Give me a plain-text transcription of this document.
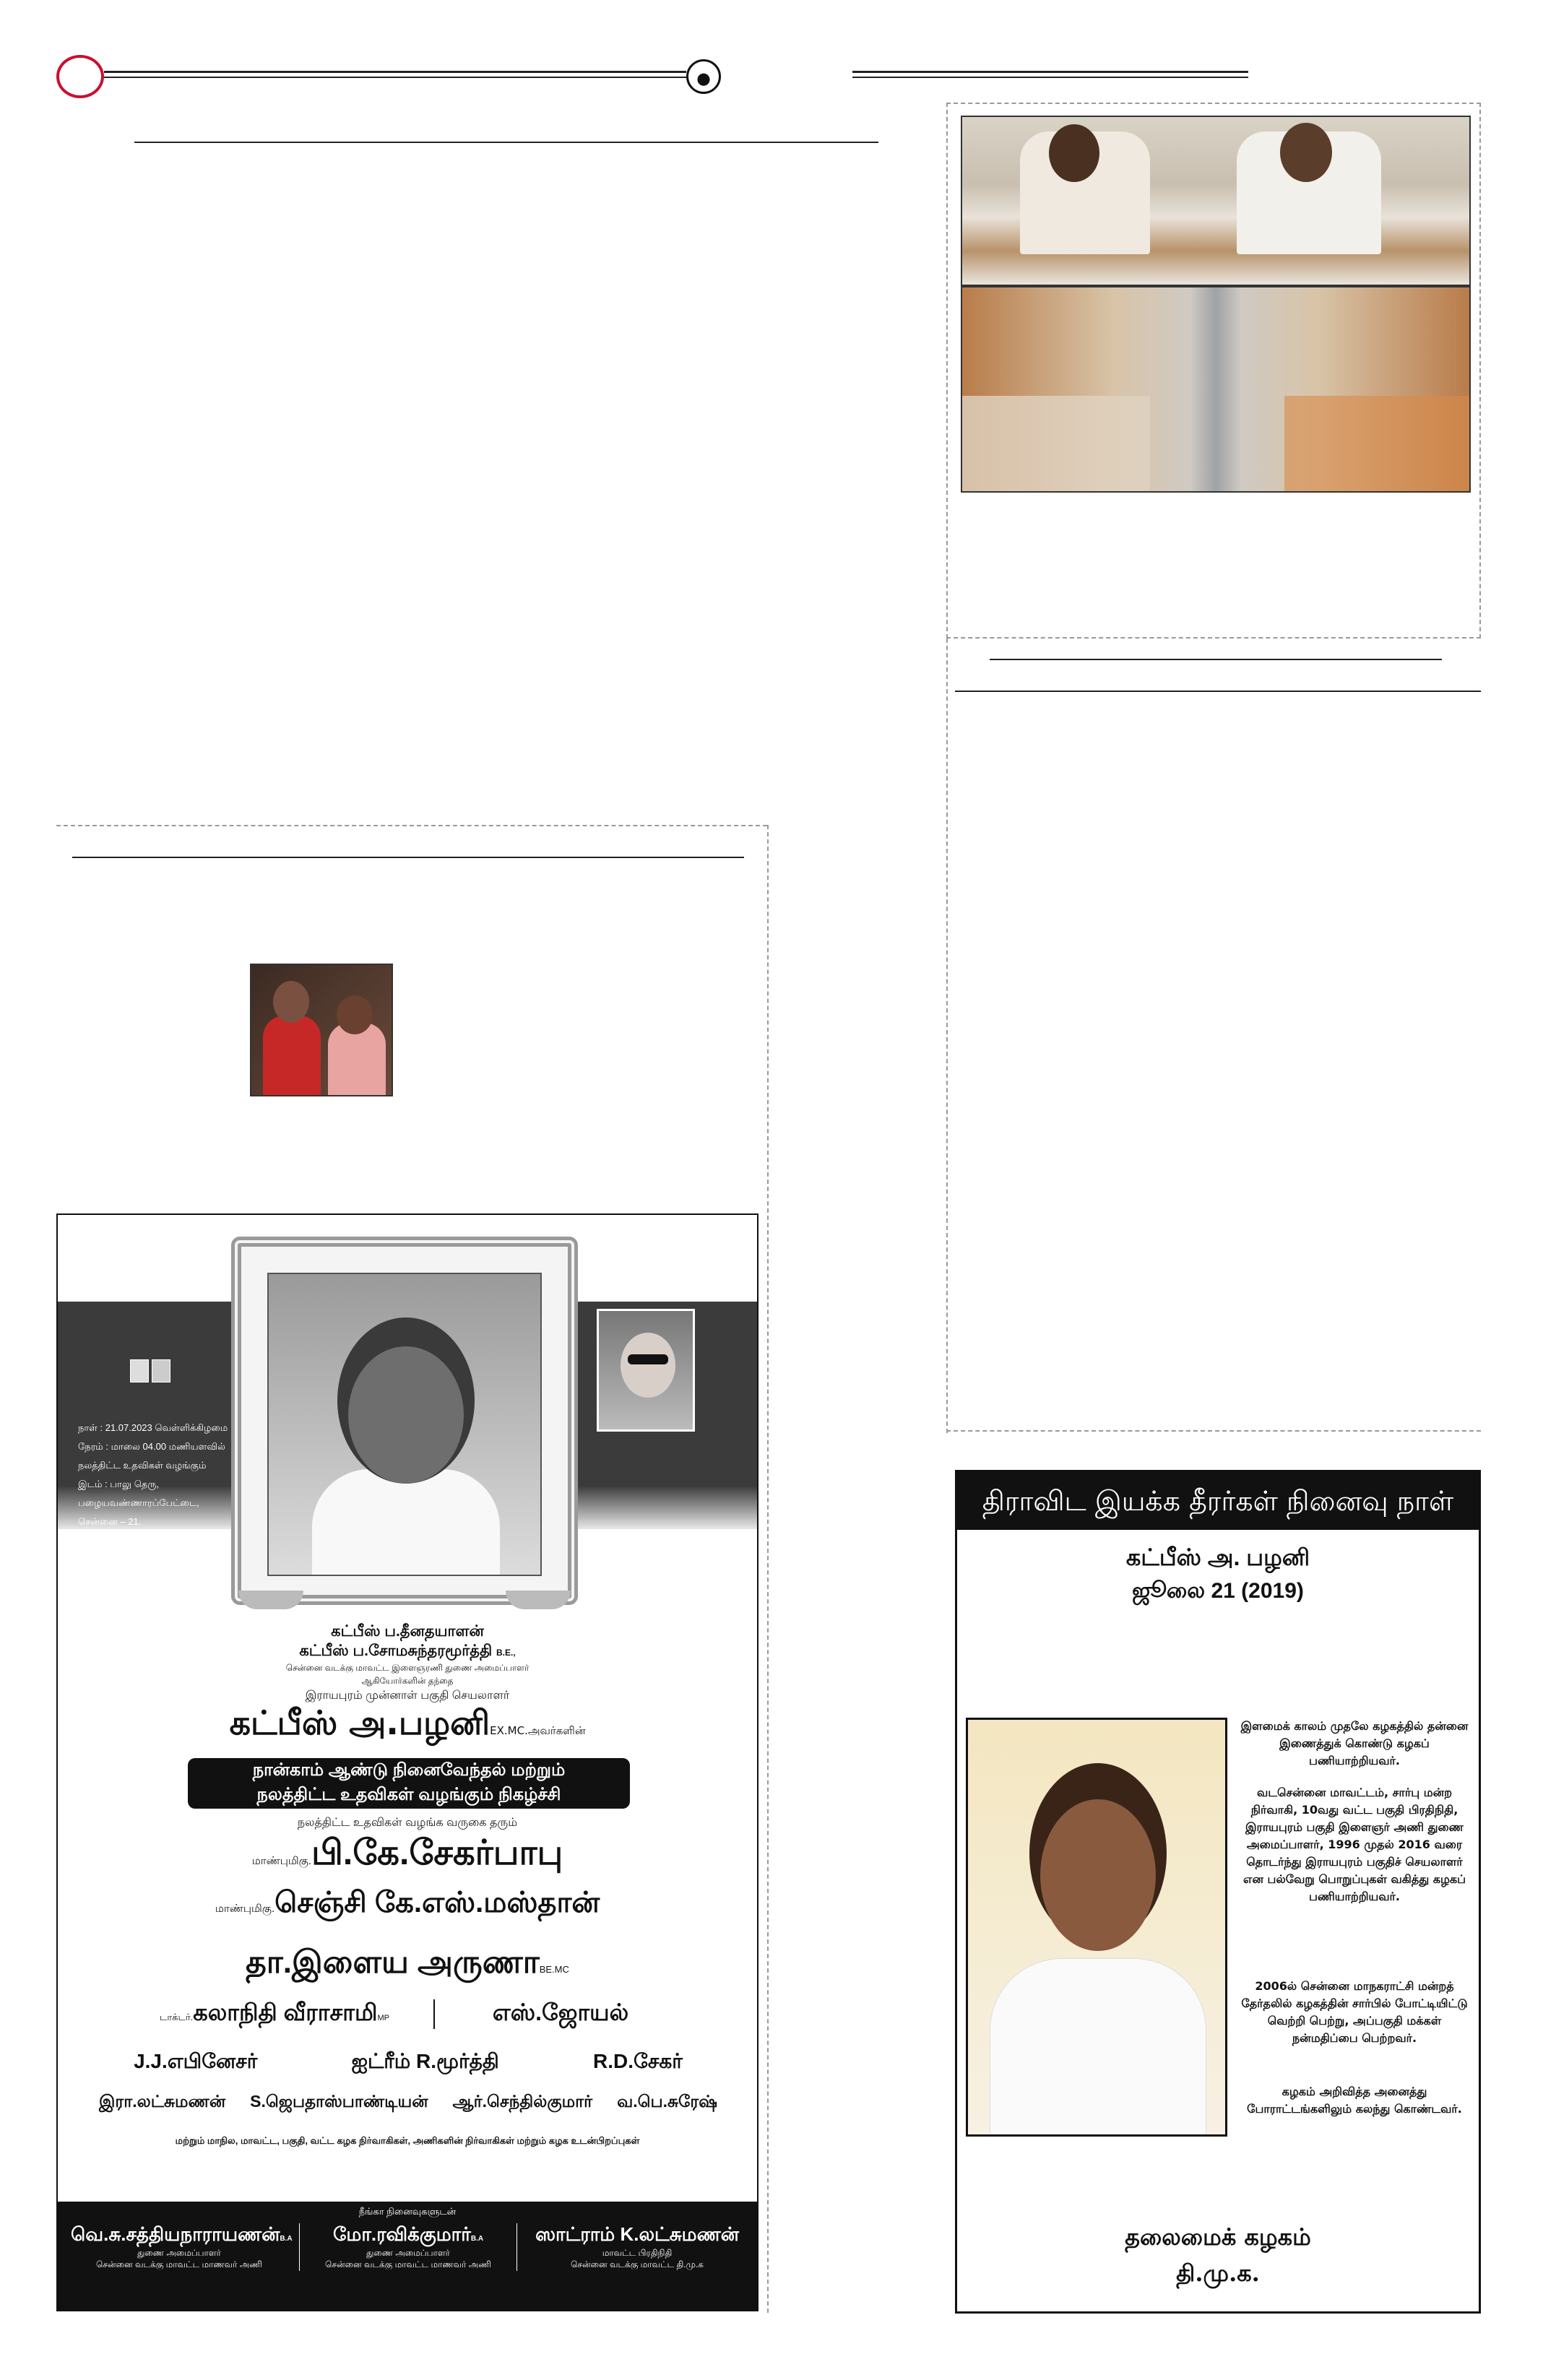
நாள் : 21.07.2023 வெள்ளிக்கிழமை
நேரம் : மாலை 04.00 மணியளவில்
நலத்திட்ட உதவிகள் வழங்கும்
இடம் : பாலு தெரு,
பழையவண்ணாரப்பேட்டை,
சென்னை – 21.
கட்பீஸ் ப.தீனதயாளன்
கட்பீஸ் ப.சோமசுந்தரமூர்த்தி B.E.,
சென்னை வடக்கு மாவட்ட இளைஞரணி துணை அமைப்பாளர்
ஆகியோர்களின் தந்தை
இராயபுரம் முன்னாள் பகுதி செயலாளர்
கட்பீஸ் அ.பழனிEX.MC.அவர்களின்
நான்காம் ஆண்டு நினைவேந்தல் மற்றும்
நலத்திட்ட உதவிகள் வழங்கும் நிகழ்ச்சி
நலத்திட்ட உதவிகள் வழங்க வருகை தரும்
மாண்புமிகு.பி.கே.சேகர்பாபு
மாண்புமிகு.செஞ்சி கே.எஸ்.மஸ்தான்
தா.இளைய அருணாBE.MC
டாக்டர்.கலாநிதி வீராசாமிMP	எஸ்.ஜோயல்
J.J.எபினேசர்	ஐட்ரீம் R.மூர்த்தி	R.D.சேகர்
இரா.லட்சுமணன் S.ஜெபதாஸ்பாண்டியன் ஆர்.செந்தில்குமார் வ.பெ.சுரேஷ்
மற்றும் மாநில, மாவட்ட, பகுதி, வட்ட கழக நிர்வாகிகள், அணிகளின் நிர்வாகிகள் மற்றும் கழக உடன்பிறப்புகள்
நீங்கா நினைவுகளுடன்
வெ.சு.சத்தியநாராயணன்B.A
துணை அமைப்பாளர்
சென்னை வடக்கு மாவட்ட மாணவர் அணி
மோ.ரவிக்குமார்B.A
துணை அமைப்பாளர்
சென்னை வடக்கு மாவட்ட மாணவர் அணி
ஸாட்ராம் K.லட்சுமணன்
மாவட்ட பிரதிநிதி
சென்னை வடக்கு மாவட்ட தி.மு.க
திராவிட இயக்க தீரர்கள் நினைவு நாள்
கட்பீஸ் அ. பழனி
ஜூலை 21 (2019)
இளமைக் காலம் முதலே கழகத்தில் தன்னை இணைத்துக் கொண்டு கழகப் பணியாற்றியவர்.
வடசென்னை மாவட்டம், சார்பு மன்ற நிர்வாகி, 10வது வட்ட பகுதி பிரதிநிதி, இராயபுரம் பகுதி இளைஞர் அணி துணை அமைப்பாளர், 1996 முதல் 2016 வரை தொடர்ந்து இராயபுரம் பகுதிச் செயலாளர் என பல்வேறு பொறுப்புகள் வகித்து கழகப் பணியாற்றியவர்.
2006ல் சென்னை மாநகராட்சி மன்றத் தேர்தலில் கழகத்தின் சார்பில் போட்டியிட்டு வெற்றி பெற்று, அப்பகுதி மக்கள் நன்மதிப்பை பெற்றவர்.
கழகம் அறிவித்த அனைத்து போராட்டங்களிலும் கலந்து கொண்டவர்.
தலைமைக் கழகம்
தி.மு.க.
